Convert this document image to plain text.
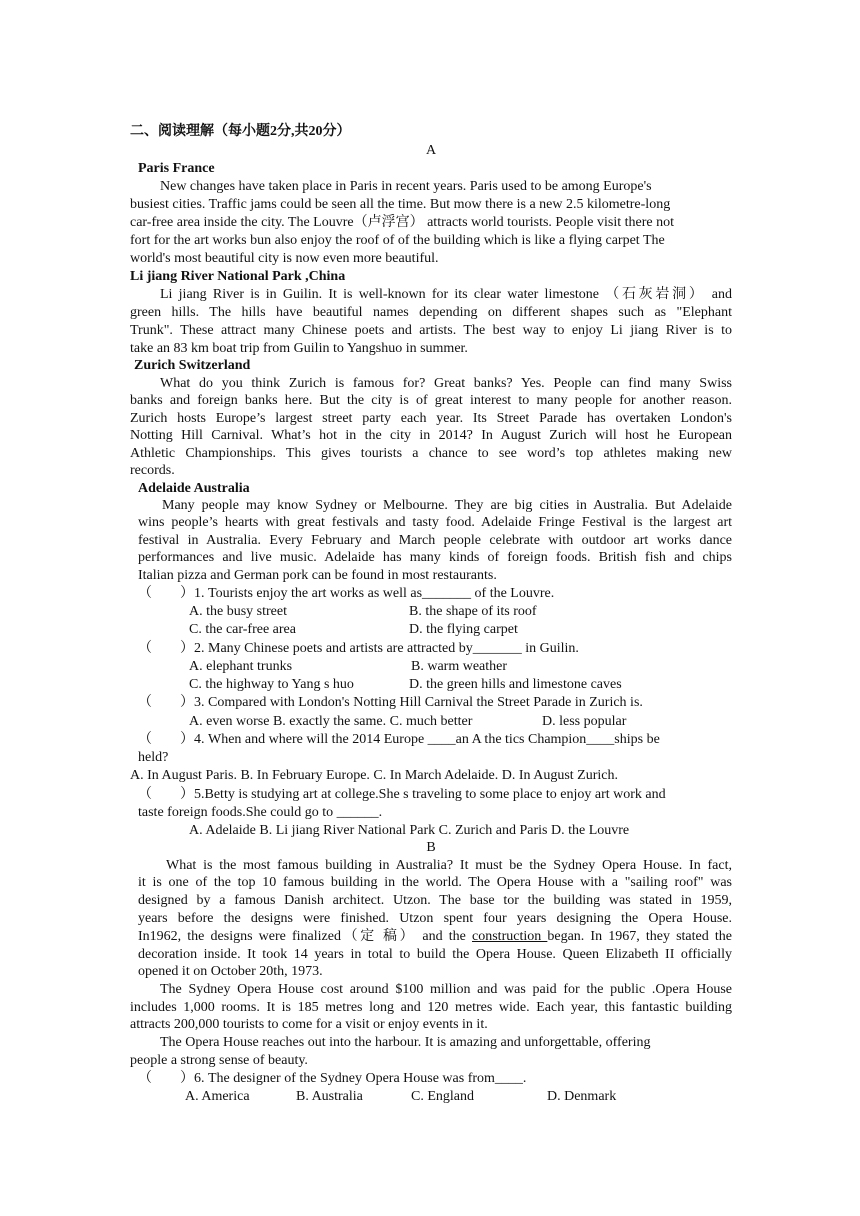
二、阅读理解（每小题2分,共20分）
A
Paris France
New changes have taken place in Paris in recent years. Paris used to be among Europe's
busiest cities. Traffic jams could be seen all the time. But mow there is a new 2.5 kilometre-long
car-free area inside the city. The Louvre（卢浮宫） attracts world tourists. People visit there not
fort for the art works bun also enjoy the roof of of the building which is like a flying carpet The
world's most beautiful city is now even more beautiful.
Li jiang River National Park ,China
Li jiang River is in Guilin. It is well-known for its clear water limestone （石灰岩洞） and
green hills. The hills have beautiful names depending on different shapes such as "Elephant
Trunk". These attract many Chinese poets and artists. The best way to enjoy Li jiang River is to
take an 83 km boat trip from Guilin to Yangshuo in summer.
Zurich Switzerland
What do you think Zurich is famous for? Great banks? Yes. People can find many Swiss
banks and foreign banks here. But the city is of great interest to many people for another reason.
Zurich hosts Europe’s largest street party each year. Its Street Parade has overtaken London's
Notting Hill Carnival. What’s hot in the city in 2014? In August Zurich will host he European
Athletic Championships. This gives tourists a chance to see word’s top athletes making new
records.
Adelaide Australia
Many people may know Sydney or Melbourne. They are big cities in Australia. But Adelaide
wins people’s hearts with great festivals and tasty food. Adelaide Fringe Festival is the largest art
festival in Australia. Every February and March people celebrate with outdoor art works dance
performances and live music. Adelaide has many kinds of foreign foods. British fish and chips
Italian pizza and German pork can be found in most restaurants.
（　　）1. Tourists enjoy the art works as well as_______ of the Louvre.
A. the busy street	B. the shape of its roof
C. the car-free area	D. the flying carpet
（　　）2. Many Chinese poets and artists are attracted by_______ in Guilin.
A. elephant trunks	B. warm weather
C. the highway to Yang s huo	D. the green hills and limestone caves
（　　）3. Compared with London's Notting Hill Carnival the Street Parade in Zurich is.
A. even worse B. exactly the same. C. much better	D. less popular
（　　）4. When and where will the 2014 Europe ____an A the tics Champion____ships be
held?
A. In August Paris. B. In February Europe. C. In March Adelaide. D. In August Zurich.
（　　）5.Betty is studying art at college.She s traveling to some place to enjoy art work and
taste foreign foods.She could go to ______.
A. Adelaide B. Li jiang River National Park C. Zurich and Paris D. the Louvre
B
What is the most famous building in Australia? It must be the Sydney Opera House. In fact,
it is one of the top 10 famous building in the world. The Opera House with a "sailing roof" was
designed by a famous Danish architect. Utzon. The base tor the building was stated in 1959,
years before the designs were finished. Utzon spent four years designing the Opera House.
In1962, the designs were finalized（定 稿） and the construction began. In 1967, they stated the
decoration inside. It took 14 years in total to build the Opera House. Queen Elizabeth II officially
opened it on October 20th, 1973.
The Sydney Opera House cost around $100 million and was paid for the public .Opera House
includes 1,000 rooms. It is 185 metres long and 120 metres wide. Each year, this fantastic building
attracts 200,000 tourists to come for a visit or enjoy events in it.
The Opera House reaches out into the harbour. It is amazing and unforgettable, offering
people a strong sense of beauty.
（　　）6. The designer of the Sydney Opera House was from____.
A. America	B. Australia	C. England	D. Denmark
